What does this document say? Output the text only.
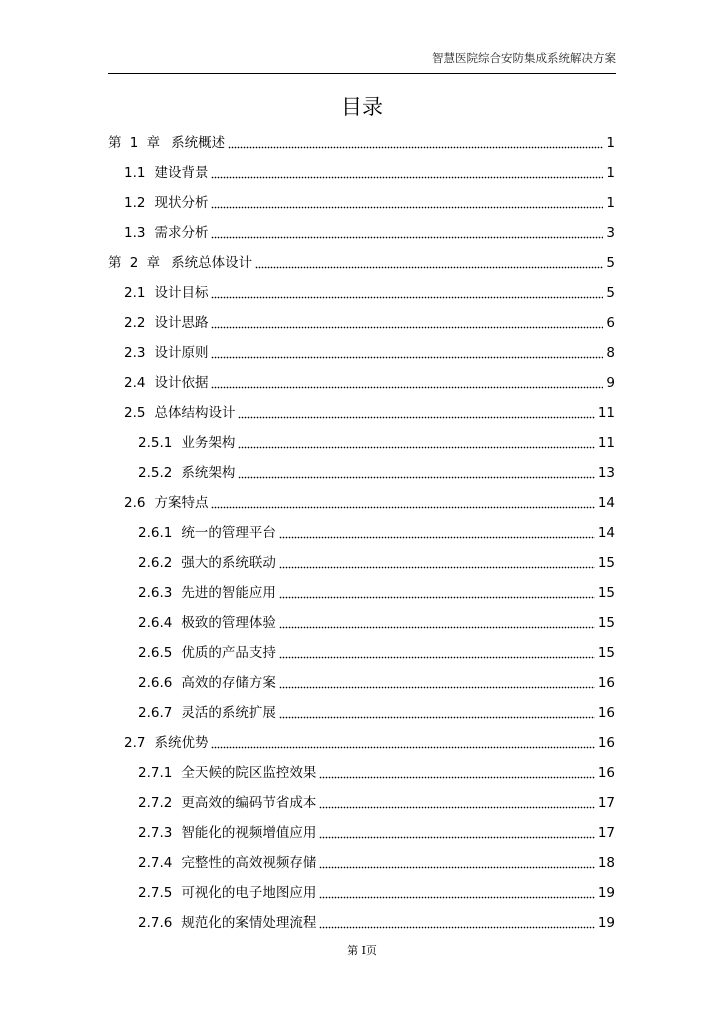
智慧医院综合安防集成系统解决方案
目录
第 1 章 系统概述	1
1.1 建设背景	1
1.2 现状分析	1
1.3 需求分析	3
第 2 章 系统总体设计	5
2.1 设计目标	5
2.2 设计思路	6
2.3 设计原则	8
2.4 设计依据	9
2.5 总体结构设计	11
2.5.1 业务架构	11
2.5.2 系统架构	13
2.6 方案特点	14
2.6.1 统一的管理平台	14
2.6.2 强大的系统联动	15
2.6.3 先进的智能应用	15
2.6.4 极致的管理体验	15
2.6.5 优质的产品支持	15
2.6.6 高效的存储方案	16
2.6.7 灵活的系统扩展	16
2.7 系统优势	16
2.7.1 全天候的院区监控效果	16
2.7.2 更高效的编码节省成本	17
2.7.3 智能化的视频增值应用	17
2.7.4 完整性的高效视频存储	18
2.7.5 可视化的电子地图应用	19
2.7.6 规范化的案情处理流程	19
第 I页
